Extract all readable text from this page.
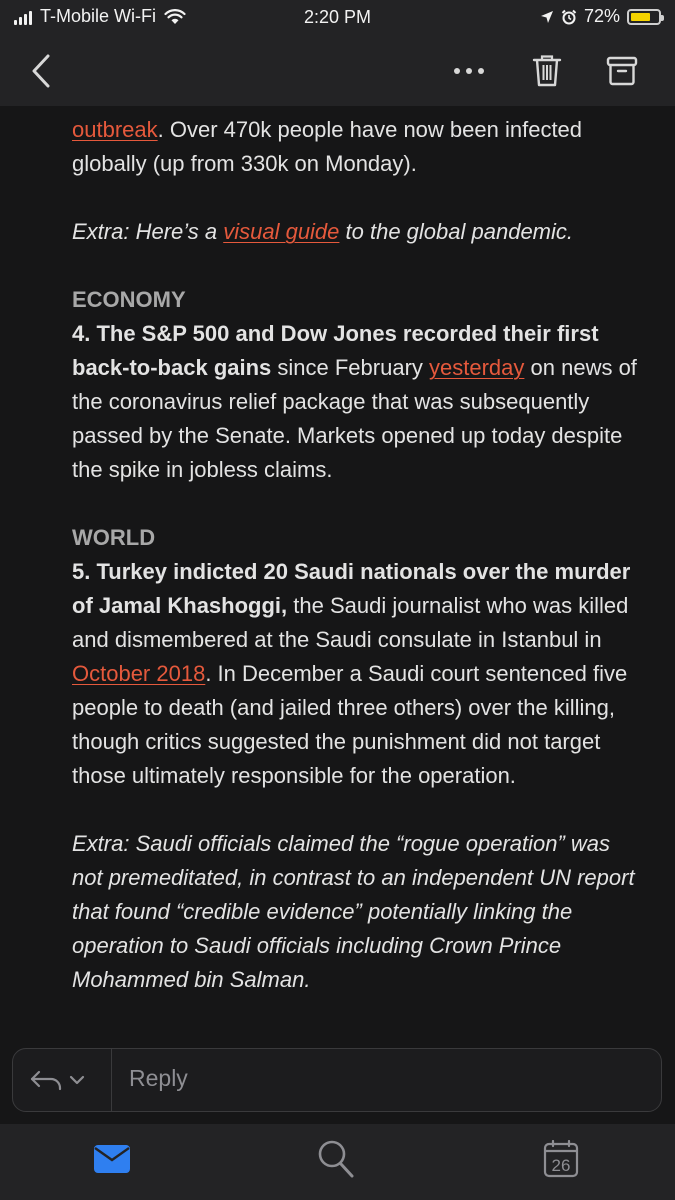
T-Mobile Wi-Fi	2:20 PM	72%

outbreak. Over 470k people have now been infected globally (up from 330k on Monday).

Extra: Here’s a visual guide to the global pandemic.

ECONOMY

4. The S&P 500 and Dow Jones recorded their first back-to-back gains since February yesterday on news of the coronavirus relief package that was subsequently passed by the Senate. Markets opened up today despite the spike in jobless claims.

WORLD

5. Turkey indicted 20 Saudi nationals over the murder of Jamal Khashoggi, the Saudi journalist who was killed and dismembered at the Saudi consulate in Istanbul in October 2018. In December a Saudi court sentenced five people to death (and jailed three others) over the killing, though critics suggested the punishment did not target those ultimately responsible for the operation.

Extra: Saudi officials claimed the “rogue operation” was not premeditated, in contrast to an independent UN report that found “credible evidence” potentially linking the operation to Saudi officials including Crown Prince Mohammed bin Salman.

Reply
26
